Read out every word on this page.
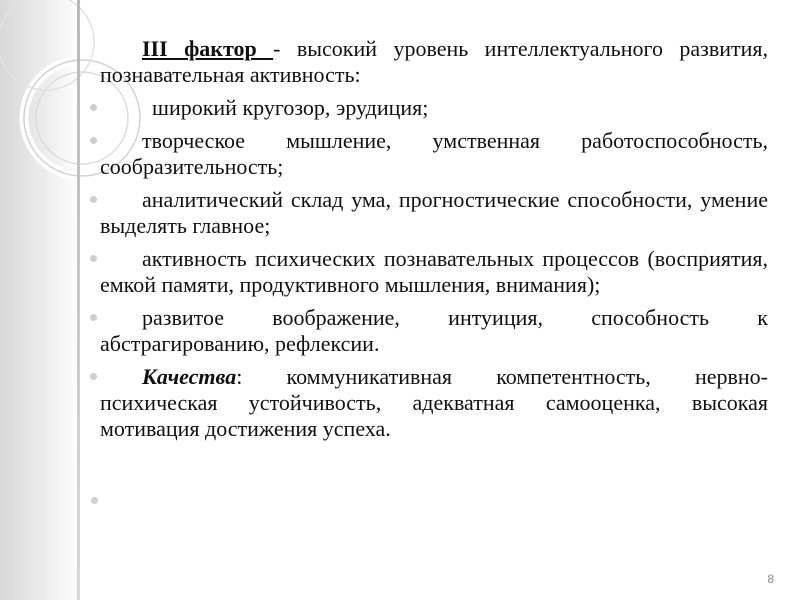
III фактор - высокий уровень интеллектуального развития, познавательная активность:
широкий кругозор, эрудиция;
творческое мышление, умственная работоспособность, сообразительность;
аналитический склад ума, прогностические способности, умение выделять главное;
активность психических познавательных процессов (восприятия, емкой памяти, продуктивного мышления, внимания);
развитое воображение, интуиция, способность к абстрагированию, рефлексии.
Качества: коммуникативная компетентность, нервно-психическая устойчивость, адекватная самооценка, высокая мотивация достижения успеха.
8
